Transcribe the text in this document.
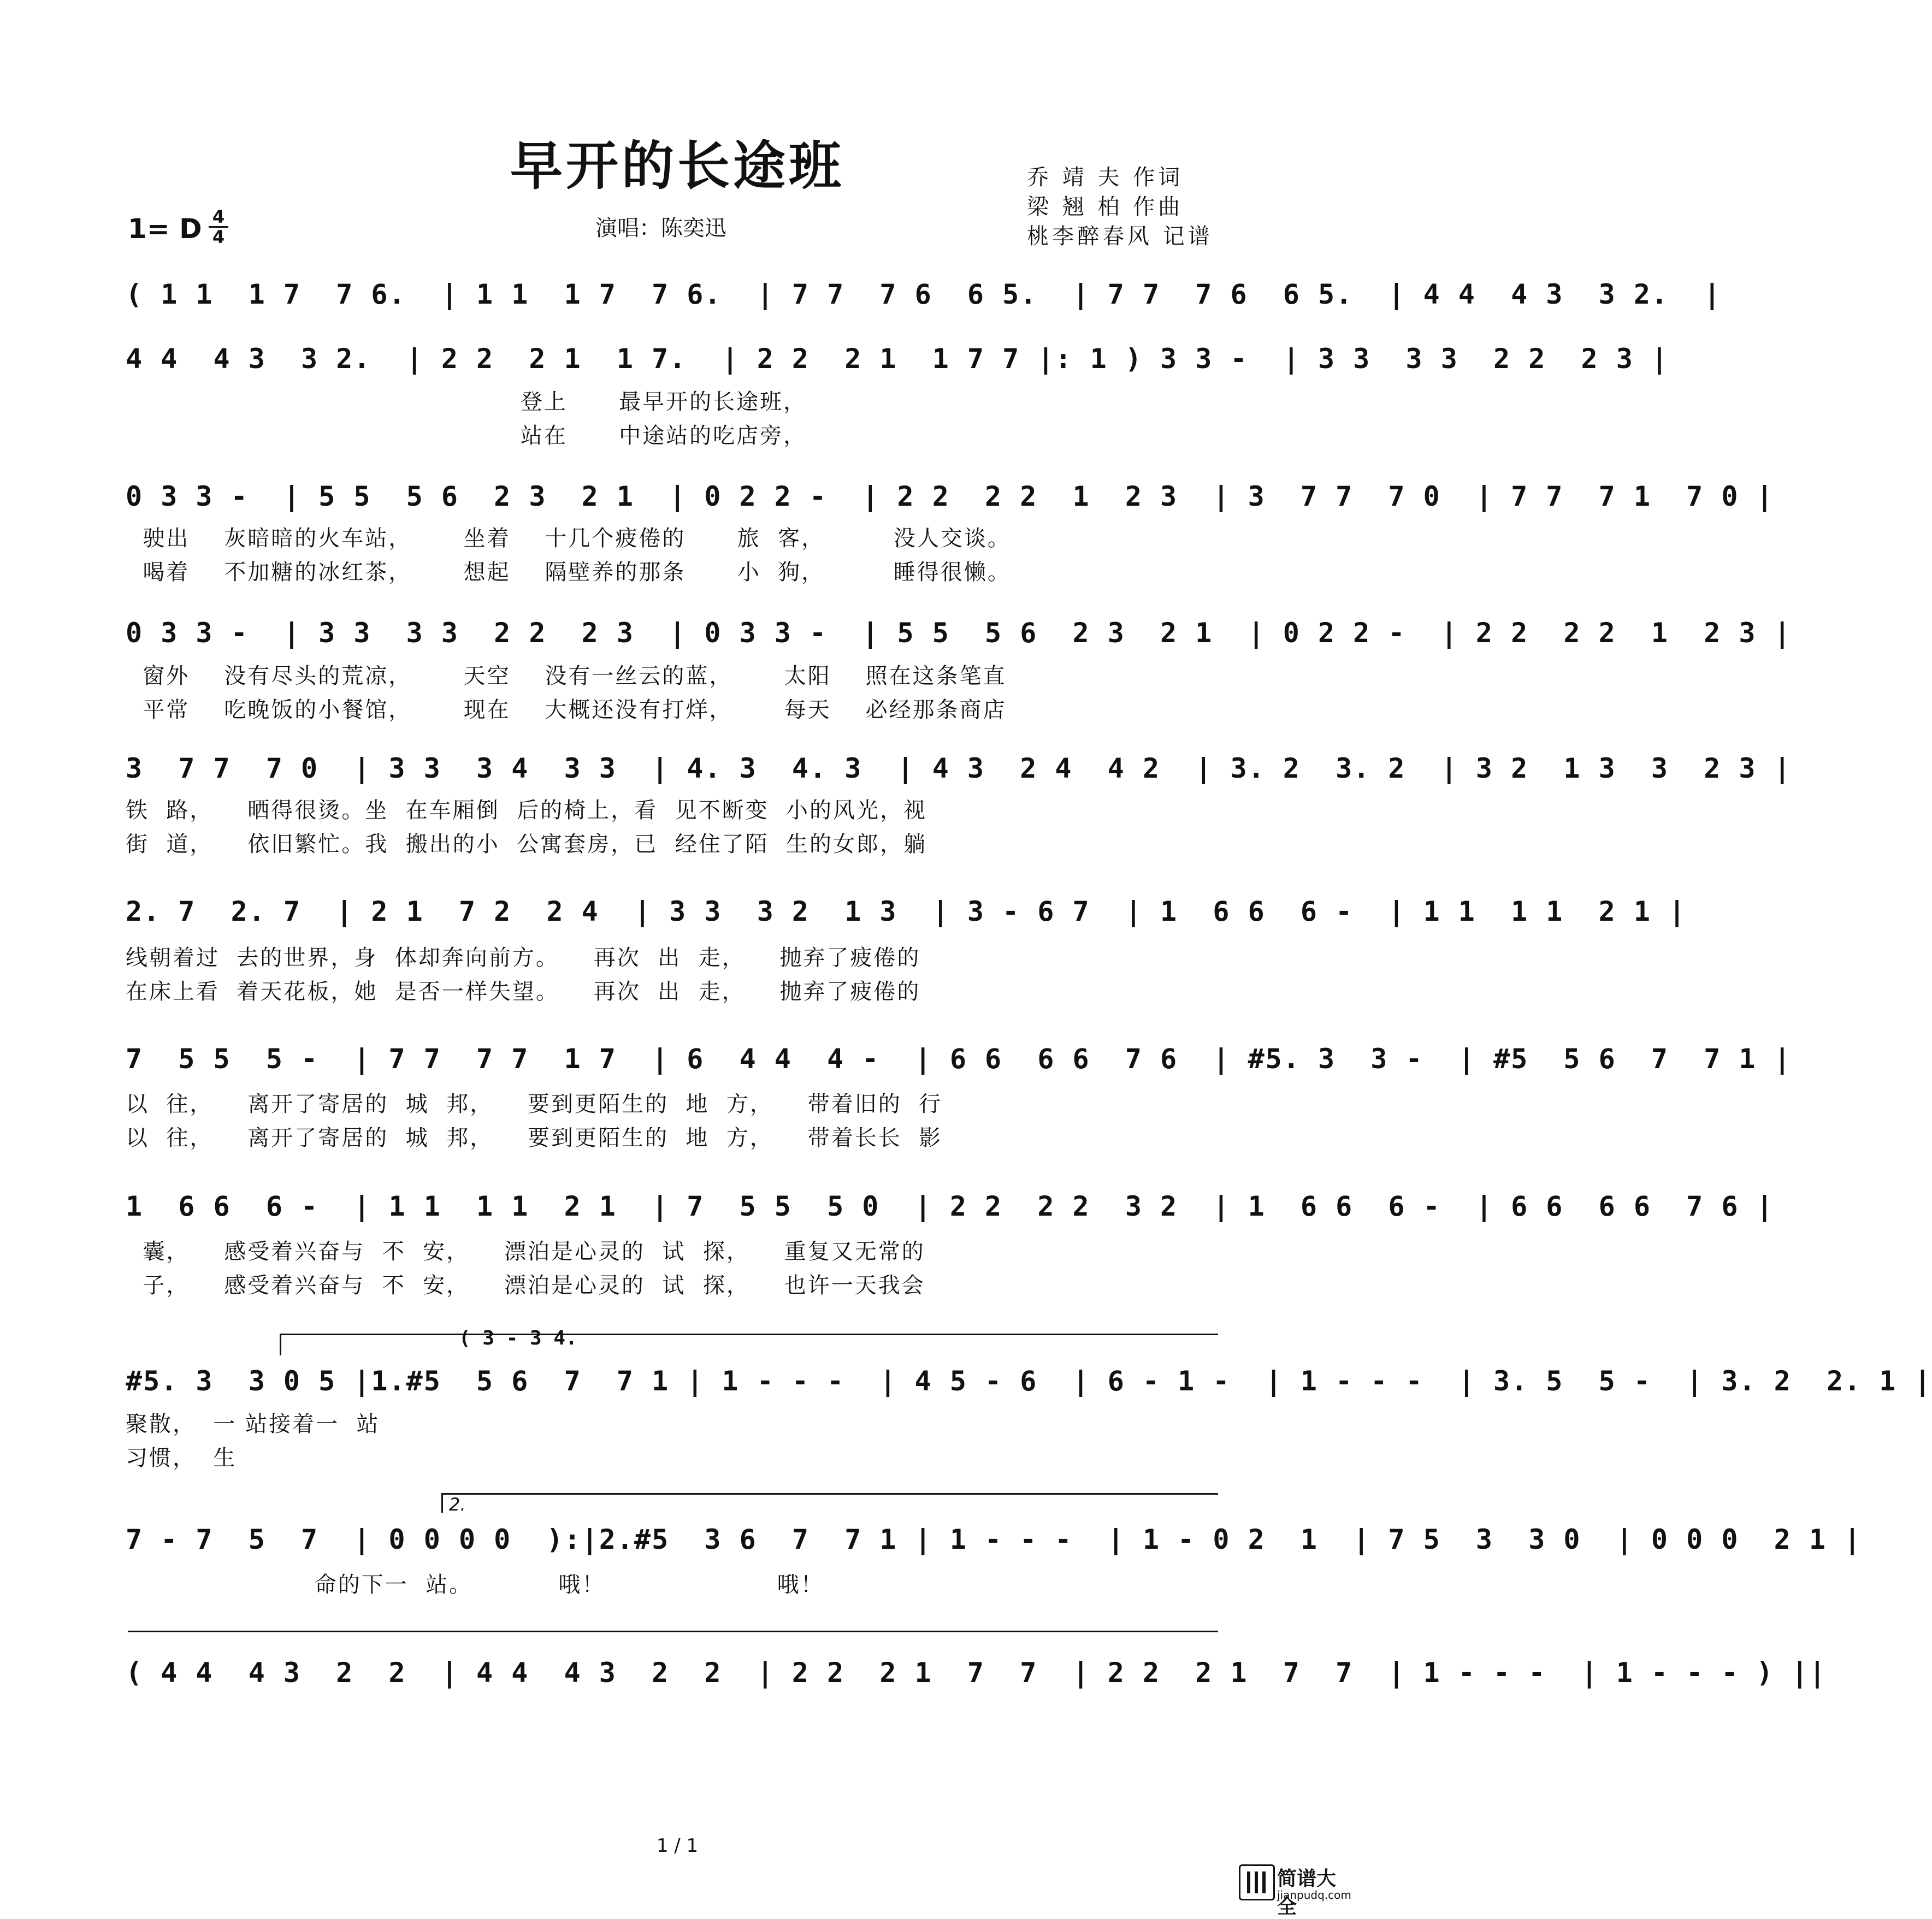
早开的长途班	乔 靖 夫 作词
梁 翘 柏 作曲
桃李醉春风 记谱
1= D 4
4	演唱：陈奕迅
( 1 1  1 7  7 6.  | 1 1  1 7  7 6.  | 7 7  7 6  6 5.  | 7 7  7 6  6 5.  | 4 4  4 3  3 2.  |
4 4  4 3  3 2.  | 2 2  2 1  1 7.  | 2 2  2 1  1 7 7 |: 1 ) 3 3 -  | 3 3  3 3  2 2  2 3 |
登上      最早开的长途班，
站在      中途站的吃店旁，
0 3 3 -  | 5 5  5 6  2 3  2 1  | 0 2 2 -  | 2 2  2 2  1  2 3  | 3  7 7  7 0  | 7 7  7 1  7 0 |
驶出    灰暗暗的火车站，      坐着    十几个疲倦的      旅  客，        没人交谈。
喝着    不加糖的冰红茶，      想起    隔壁养的那条      小  狗，        睡得很懒。
0 3 3 -  | 3 3  3 3  2 2  2 3  | 0 3 3 -  | 5 5  5 6  2 3  2 1  | 0 2 2 -  | 2 2  2 2  1  2 3 |
窗外    没有尽头的荒凉，      天空    没有一丝云的蓝，      太阳    照在这条笔直
平常    吃晚饭的小餐馆，      现在    大概还没有打烊，      每天    必经那条商店
3  7 7  7 0  | 3 3  3 4  3 3  | 4. 3  4. 3  | 4 3  2 4  4 2  | 3. 2  3. 2  | 3 2  1 3  3  2 3 |
铁  路，    晒得很烫。坐  在车厢倒  后的椅上，看  见不断变  小的风光，视
街  道，    依旧繁忙。我  搬出的小  公寓套房，已  经住了陌  生的女郎，躺
2. 7  2. 7  | 2 1  7 2  2 4  | 3 3  3 2  1 3  | 3 - 6 7  | 1  6 6  6 -  | 1 1  1 1  2 1 |
线朝着过  去的世界，身  体却奔向前方。    再次  出  走，    抛弃了疲倦的
在床上看  着天花板，她  是否一样失望。    再次  出  走，    抛弃了疲倦的
7  5 5  5 -  | 7 7  7 7  1 7  | 6  4 4  4 -  | 6 6  6 6  7 6  | #5. 3  3 -  | #5  5 6  7  7 1 |
以  往，    离开了寄居的  城  邦，    要到更陌生的  地  方，    带着旧的  行
以  往，    离开了寄居的  城  邦，    要到更陌生的  地  方，    带着长长  影
1  6 6  6 -  | 1 1  1 1  2 1  | 7  5 5  5 0  | 2 2  2 2  3 2  | 1  6 6  6 -  | 6 6  6 6  7 6 |
囊，    感受着兴奋与  不  安，    漂泊是心灵的  试  探，    重复又无常的
子，    感受着兴奋与  不  安，    漂泊是心灵的  试  探，    也许一天我会
( 3 - 3 4.
#5. 3  3 0 5 |1.#5  5 6  7  7 1 | 1 - - -  | 4 5 - 6  | 6 - 1 -  | 1 - - -  | 3. 5  5 -  | 3. 2  2. 1 |
聚散，  一 站接着一  站
习惯，  生
2.
7 - 7  5  7  | 0 0 0 0  ):|2.#5  3 6  7  7 1 | 1 - - -  | 1 - 0 2  1  | 7 5  3  3 0  | 0 0 0  2 1 |
命的下一  站。          哦！                    哦！
( 4 4  4 3  2  2  | 4 4  4 3  2  2  | 2 2  2 1  7  7  | 2 2  2 1  7  7  | 1 - - -  | 1 - - - ) ||
1 / 1
简谱大全
jianpudq.com
